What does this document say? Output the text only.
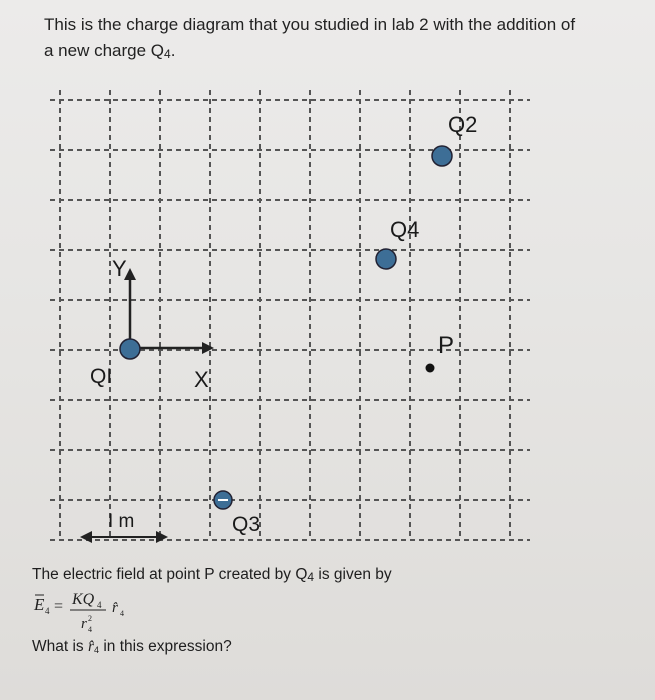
This is the charge diagram that you studied in lab 2 with the addition of
a new charge Q4.
I m
Y
X
QI
Q2
Q4
Q3
P
The electric field at point P created by Q4 is given by
E 4 = KQ 4
r 2
4
r̂ 4
What is r̂4 in this expression?
